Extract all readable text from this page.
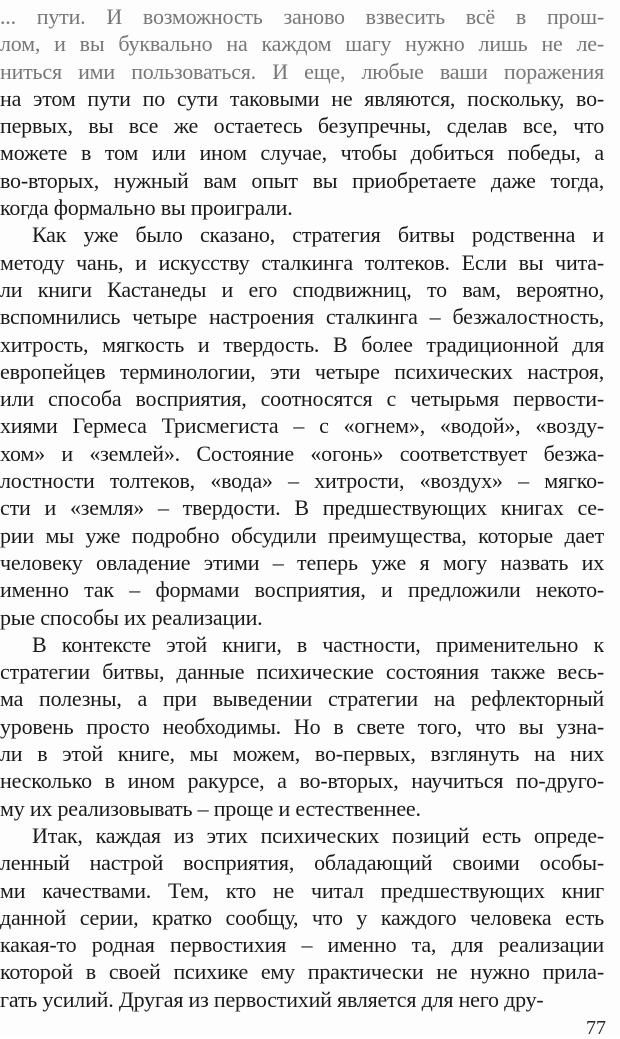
... пути. И возможность заново взвесить всё в прош-
лом, и вы буквально на каждом шагу нужно лишь не ле-
ниться ими пользоваться. И еще, любые ваши поражения
на этом пути по сути таковыми не являются, поскольку, во-
первых, вы все же остаетесь безупречны, сделав все, что
можете в том или ином случае, чтобы добиться победы, а
во-вторых, нужный вам опыт вы приобретаете даже тогда,
когда формально вы проиграли.
Как уже было сказано, стратегия битвы родственна и
методу чань, и искусству сталкинга толтеков. Если вы чита-
ли книги Кастанеды и его сподвижниц, то вам, вероятно,
вспомнились четыре настроения сталкинга – безжалостность,
хитрость, мягкость и твердость. В более традиционной для
европейцев терминологии, эти четыре психических настроя,
или способа восприятия, соотносятся с четырьмя первости-
хиями Гермеса Трисмегиста – с «огнем», «водой», «возду-
хом» и «землей». Состояние «огонь» соответствует безжа-
лостности толтеков, «вода» – хитрости, «воздух» – мягко-
сти и «земля» – твердости. В предшествующих книгах се-
рии мы уже подробно обсудили преимущества, которые дает
человеку овладение этими – теперь уже я могу назвать их
именно так – формами восприятия, и предложили некото-
рые способы их реализации.
В контексте этой книги, в частности, применительно к
стратегии битвы, данные психические состояния также весь-
ма полезны, а при выведении стратегии на рефлекторный
уровень просто необходимы. Но в свете того, что вы узна-
ли в этой книге, мы можем, во-первых, взглянуть на них
несколько в ином ракурсе, а во-вторых, научиться по-друго-
му их реализовывать – проще и естественнее.
Итак, каждая из этих психических позиций есть опреде-
ленный настрой восприятия, обладающий своими особы-
ми качествами. Тем, кто не читал предшествующих книг
данной серии, кратко сообщу, что у каждого человека есть
какая-то родная первостихия – именно та, для реализации
которой в своей психике ему практически не нужно прила-
гать усилий. Другая из первостихий является для него дру-
77
